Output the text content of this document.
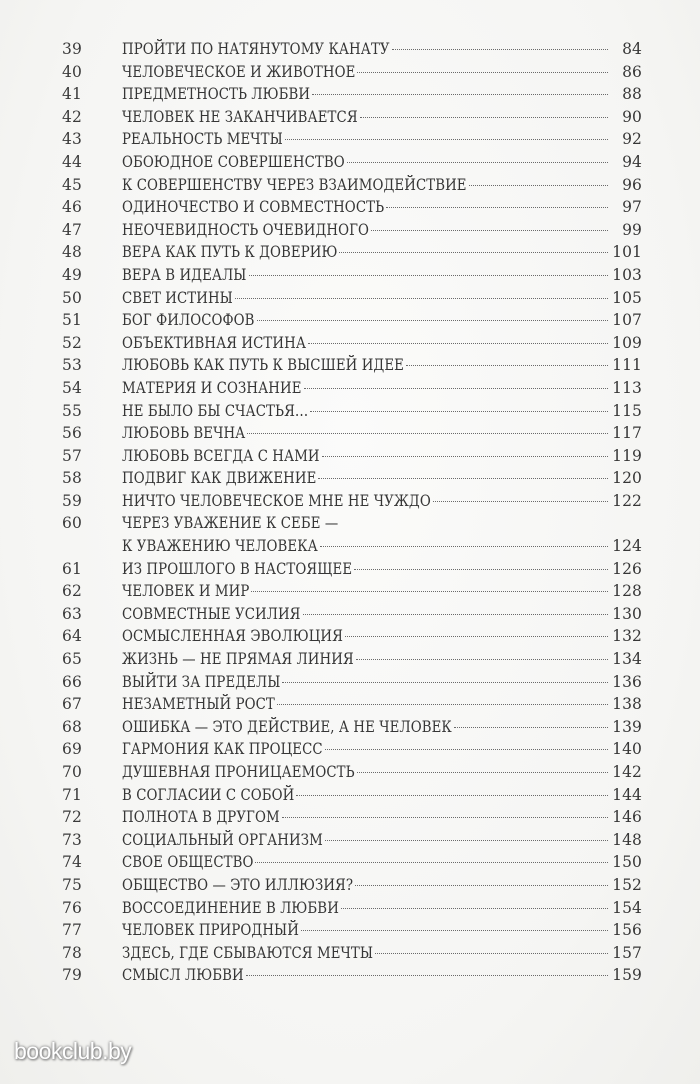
39	ПРОЙТИ ПО НАТЯНУТОМУ КАНАТУ	84
40	ЧЕЛОВЕЧЕСКОЕ И ЖИВОТНОЕ	86
41	ПРЕДМЕТНОСТЬ ЛЮБВИ	88
42	ЧЕЛОВЕК НЕ ЗАКАНЧИВАЕТСЯ	90
43	РЕАЛЬНОСТЬ МЕЧТЫ	92
44	ОБОЮДНОЕ СОВЕРШЕНСТВО	94
45	К СОВЕРШЕНСТВУ ЧЕРЕЗ ВЗАИМОДЕЙСТВИЕ	96
46	ОДИНОЧЕСТВО И СОВМЕСТНОСТЬ	97
47	НЕОЧЕВИДНОСТЬ ОЧЕВИДНОГО	99
48	ВЕРА КАК ПУТЬ К ДОВЕРИЮ	101
49	ВЕРА В ИДЕАЛЫ	103
50	СВЕТ ИСТИНЫ	105
51	БОГ ФИЛОСОФОВ	107
52	ОБЪЕКТИВНАЯ ИСТИНА	109
53	ЛЮБОВЬ КАК ПУТЬ К ВЫСШЕЙ ИДЕЕ	111
54	МАТЕРИЯ И СОЗНАНИЕ	113
55	НЕ БЫЛО БЫ СЧАСТЬЯ…	115
56	ЛЮБОВЬ ВЕЧНА	117
57	ЛЮБОВЬ ВСЕГДА С НАМИ	119
58	ПОДВИГ КАК ДВИЖЕНИЕ	120
59	НИЧТО ЧЕЛОВЕЧЕСКОЕ МНЕ НЕ ЧУЖДО	122
60	ЧЕРЕЗ УВАЖЕНИЕ К СЕБЕ —
К УВАЖЕНИЮ ЧЕЛОВЕКА	124
61	ИЗ ПРОШЛОГО В НАСТОЯЩЕЕ	126
62	ЧЕЛОВЕК И МИР	128
63	СОВМЕСТНЫЕ УСИЛИЯ	130
64	ОСМЫСЛЕННАЯ ЭВОЛЮЦИЯ	132
65	ЖИЗНЬ — НЕ ПРЯМАЯ ЛИНИЯ	134
66	ВЫЙТИ ЗА ПРЕДЕЛЫ	136
67	НЕЗАМЕТНЫЙ РОСТ	138
68	ОШИБКА — ЭТО ДЕЙСТВИЕ, А НЕ ЧЕЛОВЕК	139
69	ГАРМОНИЯ КАК ПРОЦЕСС	140
70	ДУШЕВНАЯ ПРОНИЦАЕМОСТЬ	142
71	В СОГЛАСИИ С СОБОЙ	144
72	ПОЛНОТА В ДРУГОМ	146
73	СОЦИАЛЬНЫЙ ОРГАНИЗМ	148
74	СВОЕ ОБЩЕСТВО	150
75	ОБЩЕСТВО — ЭТО ИЛЛЮЗИЯ?	152
76	ВОССОЕДИНЕНИЕ В ЛЮБВИ	154
77	ЧЕЛОВЕК ПРИРОДНЫЙ	156
78	ЗДЕСЬ, ГДЕ СБЫВАЮТСЯ МЕЧТЫ	157
79	СМЫСЛ ЛЮБВИ	159
bookclub.by
